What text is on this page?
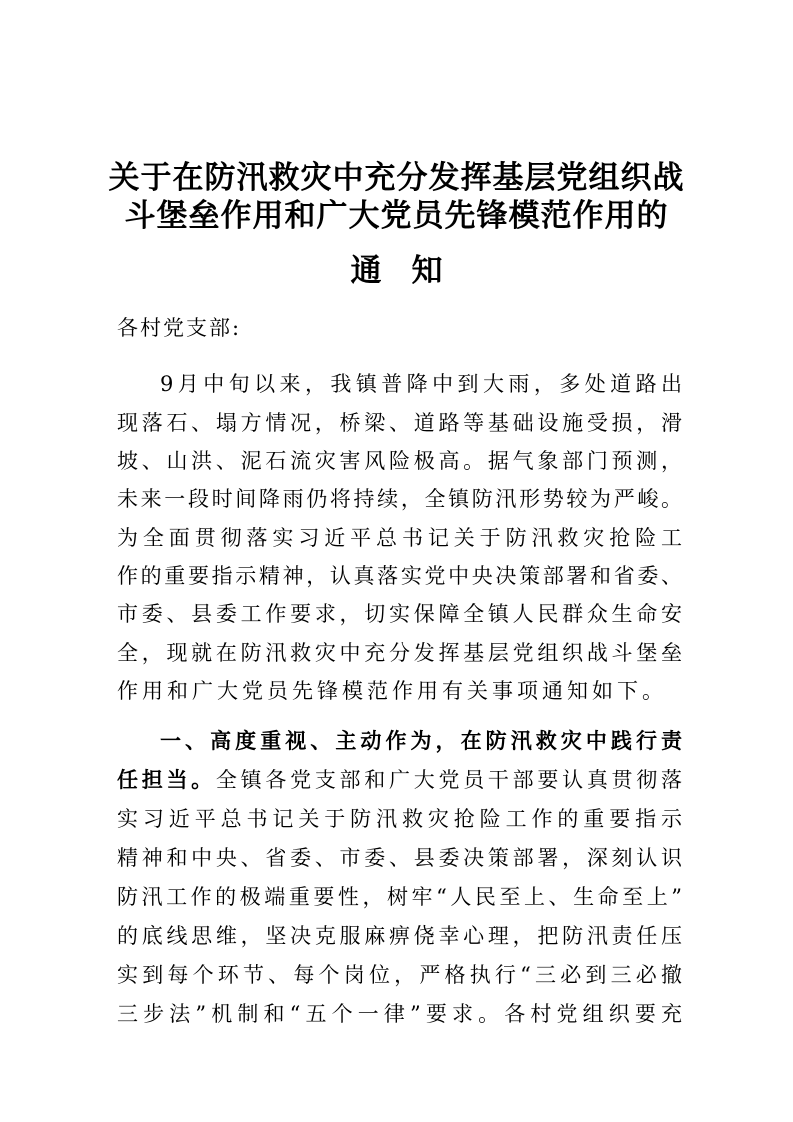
关于在防汛救灾中充分发挥基层党组织战
斗堡垒作用和广大党员先锋模范作用的
通知
各村党支部:
9月中旬以来，我镇普降中到大雨，多处道路出
现落石、塌方情况，桥梁、道路等基础设施受损，滑
坡、山洪、泥石流灾害风险极高。据气象部门预测，
未来一段时间降雨仍将持续，全镇防汛形势较为严峻。
为全面贯彻落实习近平总书记关于防汛救灾抢险工
作的重要指示精神，认真落实党中央决策部署和省委、
市委、县委工作要求，切实保障全镇人民群众生命安
全，现就在防汛救灾中充分发挥基层党组织战斗堡垒
作用和广大党员先锋模范作用有关事项通知如下。
一、高度重视、主动作为，在防汛救灾中践行责
任担当。全镇各党支部和广大党员干部要认真贯彻落
实习近平总书记关于防汛救灾抢险工作的重要指示
精神和中央、省委、市委、县委决策部署，深刻认识
防汛工作的极端重要性，树牢“人民至上、生命至上”
的底线思维，坚决克服麻痹侥幸心理，把防汛责任压
实到每个环节、每个岗位，严格执行“三必到三必撤
三步法”机制和“五个一律”要求。各村党组织要充
